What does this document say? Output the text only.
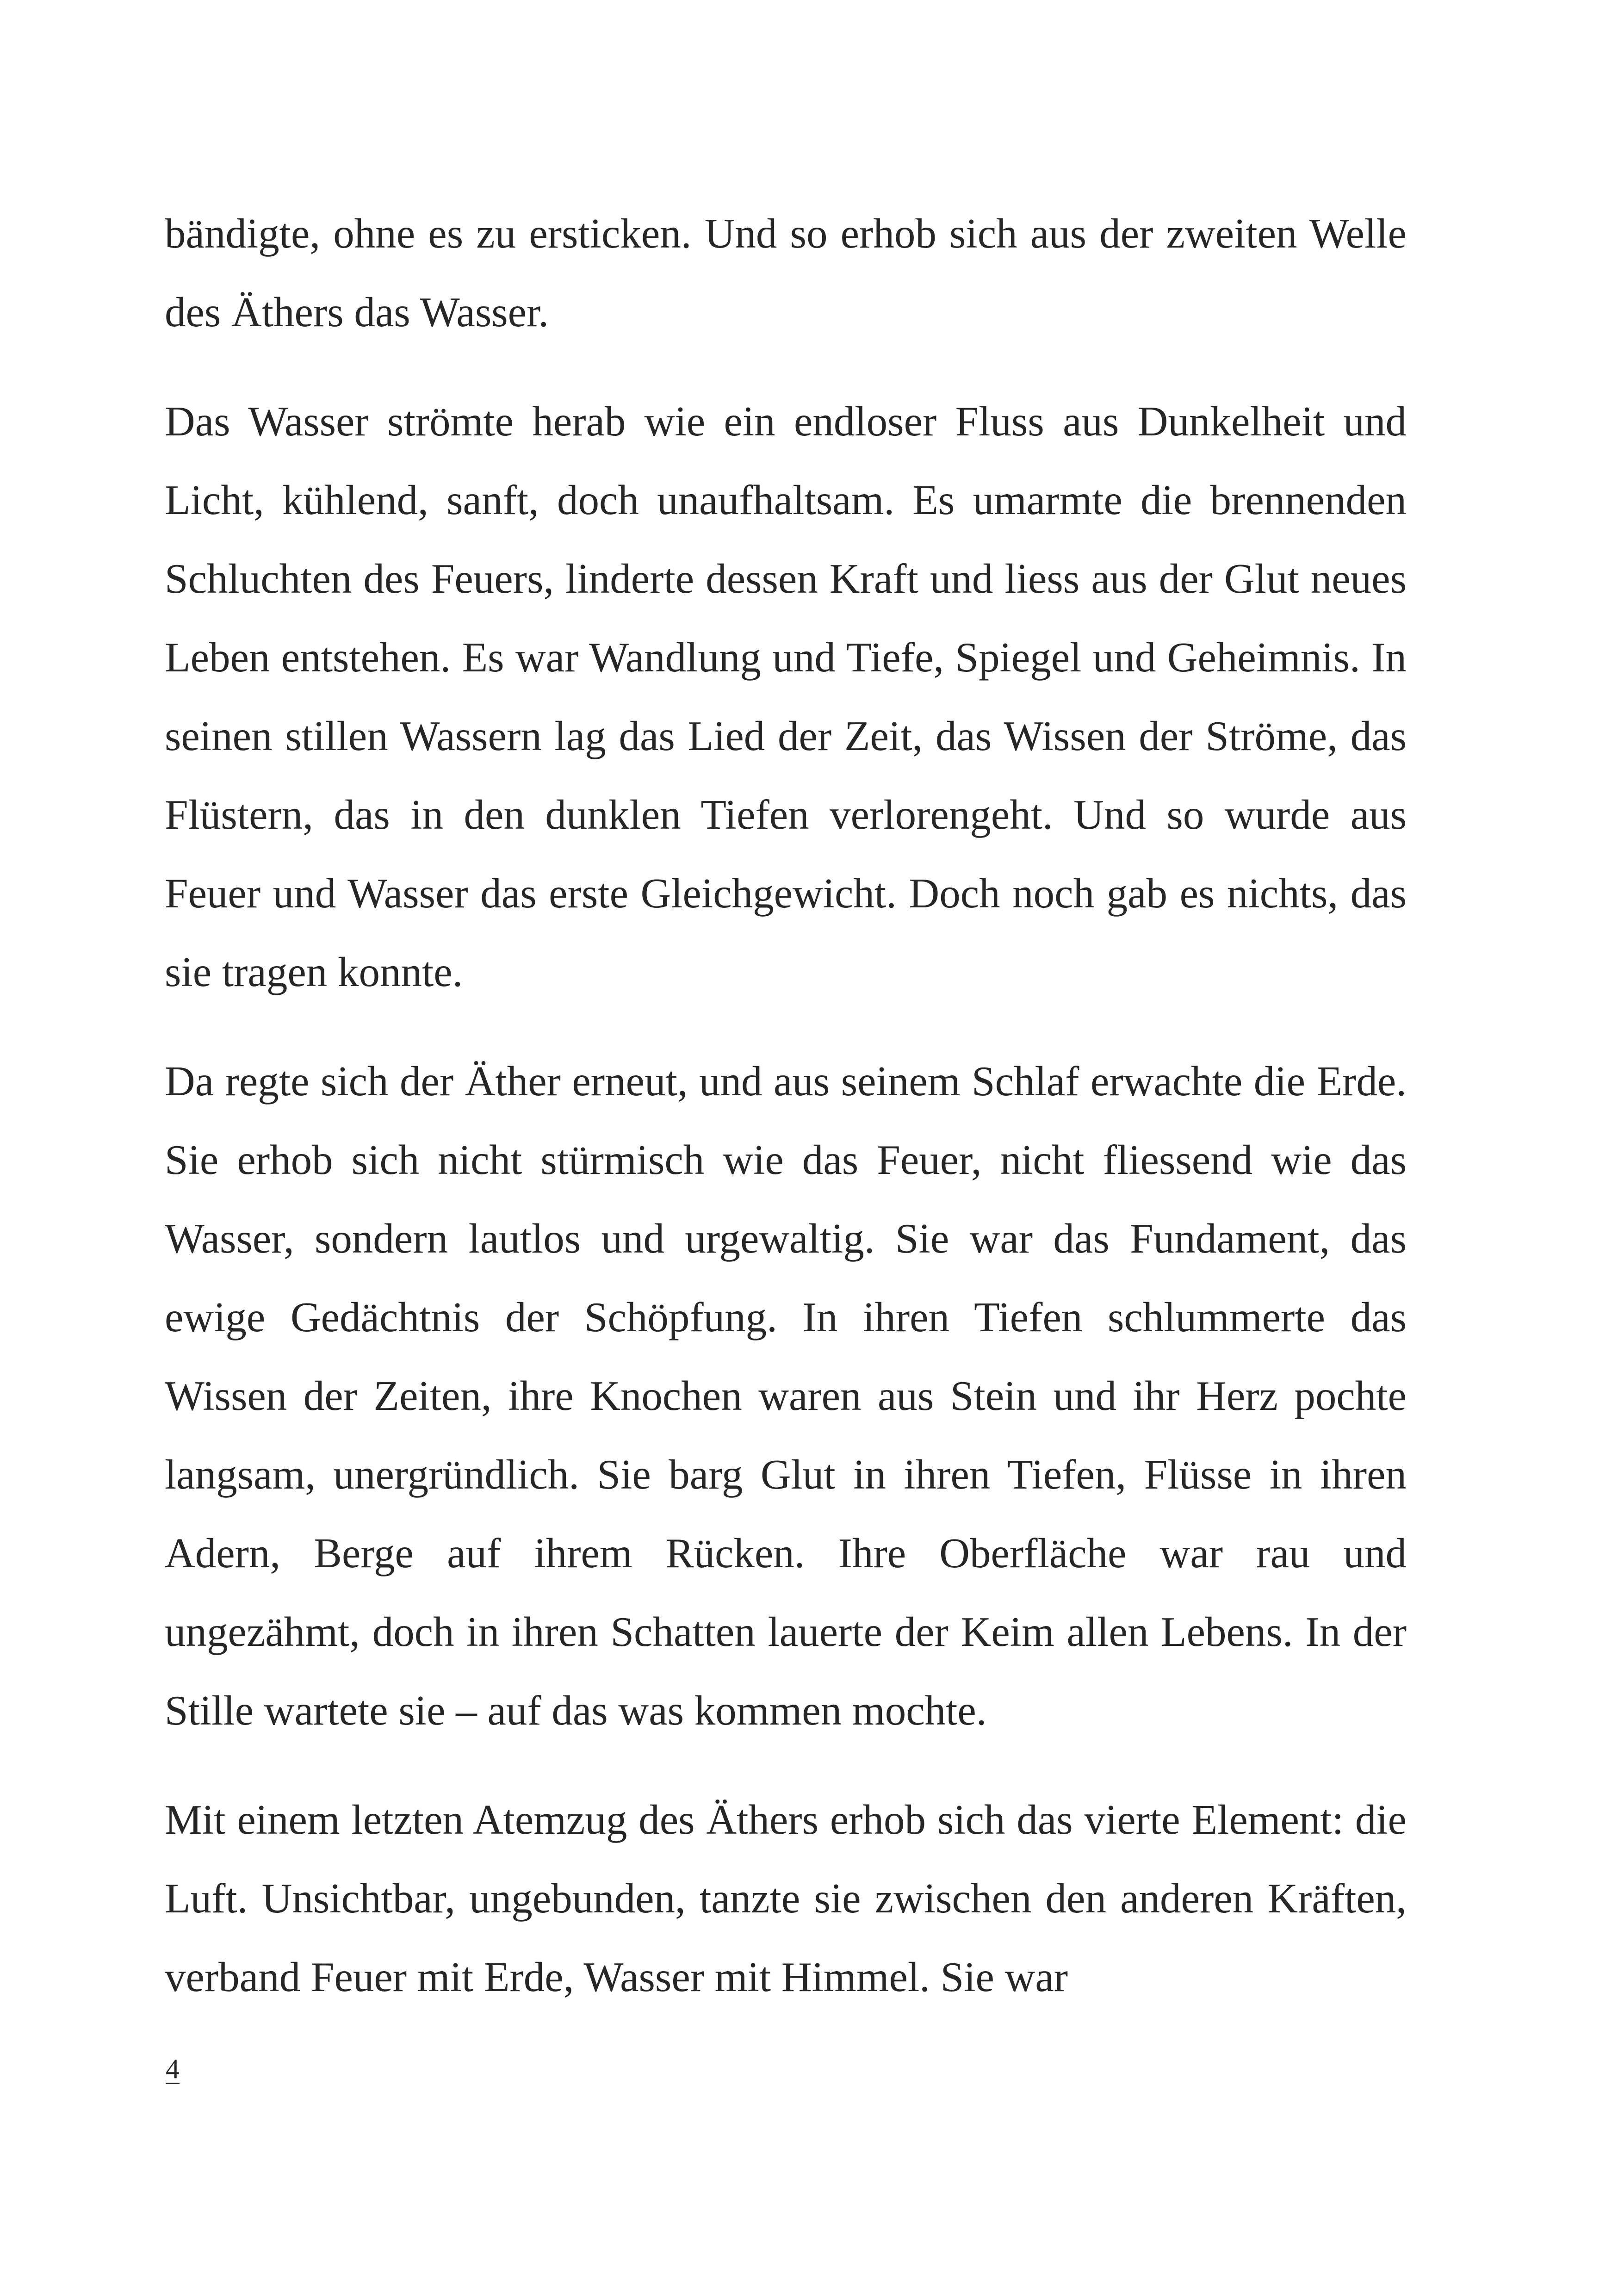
bändigte, ohne es zu ersticken. Und so erhob sich aus der zweiten Welle des Äthers das Wasser.

Das Wasser strömte herab wie ein endloser Fluss aus Dunkelheit und Licht, kühlend, sanft, doch unaufhaltsam. Es umarmte die brennenden Schluchten des Feuers, linderte dessen Kraft und liess aus der Glut neues Leben entstehen. Es war Wandlung und Tiefe, Spiegel und Geheimnis. In seinen stillen Wassern lag das Lied der Zeit, das Wissen der Ströme, das Flüstern, das in den dunklen Tiefen verlorengeht. Und so wurde aus Feuer und Wasser das erste Gleichgewicht. Doch noch gab es nichts, das sie tragen konnte.

Da regte sich der Äther erneut, und aus seinem Schlaf erwachte die Erde. Sie erhob sich nicht stürmisch wie das Feuer, nicht fliessend wie das Wasser, sondern lautlos und urgewaltig. Sie war das Fundament, das ewige Gedächtnis der Schöpfung. In ihren Tiefen schlummerte das Wissen der Zeiten, ihre Knochen waren aus Stein und ihr Herz pochte langsam, unergründlich. Sie barg Glut in ihren Tiefen, Flüsse in ihren Adern, Berge auf ihrem Rücken. Ihre Oberfläche war rau und ungezähmt, doch in ihren Schatten lauerte der Keim allen Lebens. In der Stille wartete sie – auf das was kommen mochte.

Mit einem letzten Atemzug des Äthers erhob sich das vierte Element: die Luft. Unsichtbar, ungebunden, tanzte sie zwischen den anderen Kräften, verband Feuer mit Erde, Wasser mit Himmel. Sie war

4
